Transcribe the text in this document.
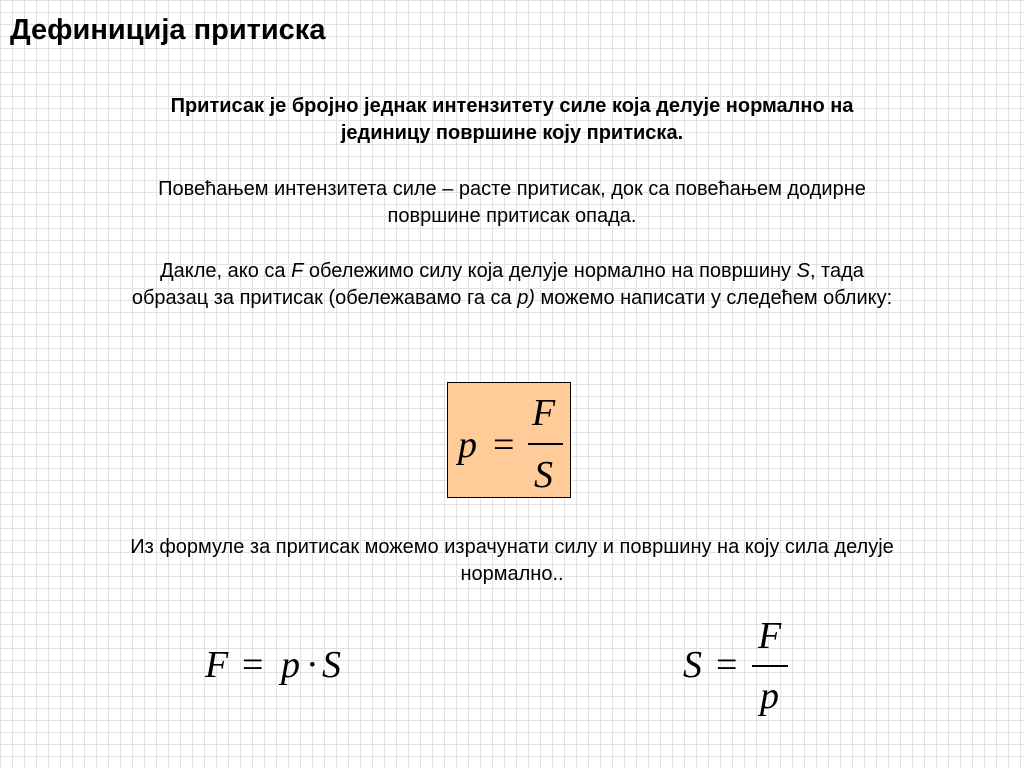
Дефиниција притиска
Притисак је бројно једнак интензитету силе која делује нормално на
јединицу површине коју притиска.
Повећањем интензитета силе – расте притисак, док са повећањем додирне
површине притисак опада.
Дакле, ако са F обележимо силу која делује нормално на површину S, тада
образац за притисак (обележавамо га са p) можемо написати у следећем облику:
p =
F
S
Из формуле за притисак можемо израчунати силу и површину на коју сила делује
нормално..
F = p · S	S =
F
p
